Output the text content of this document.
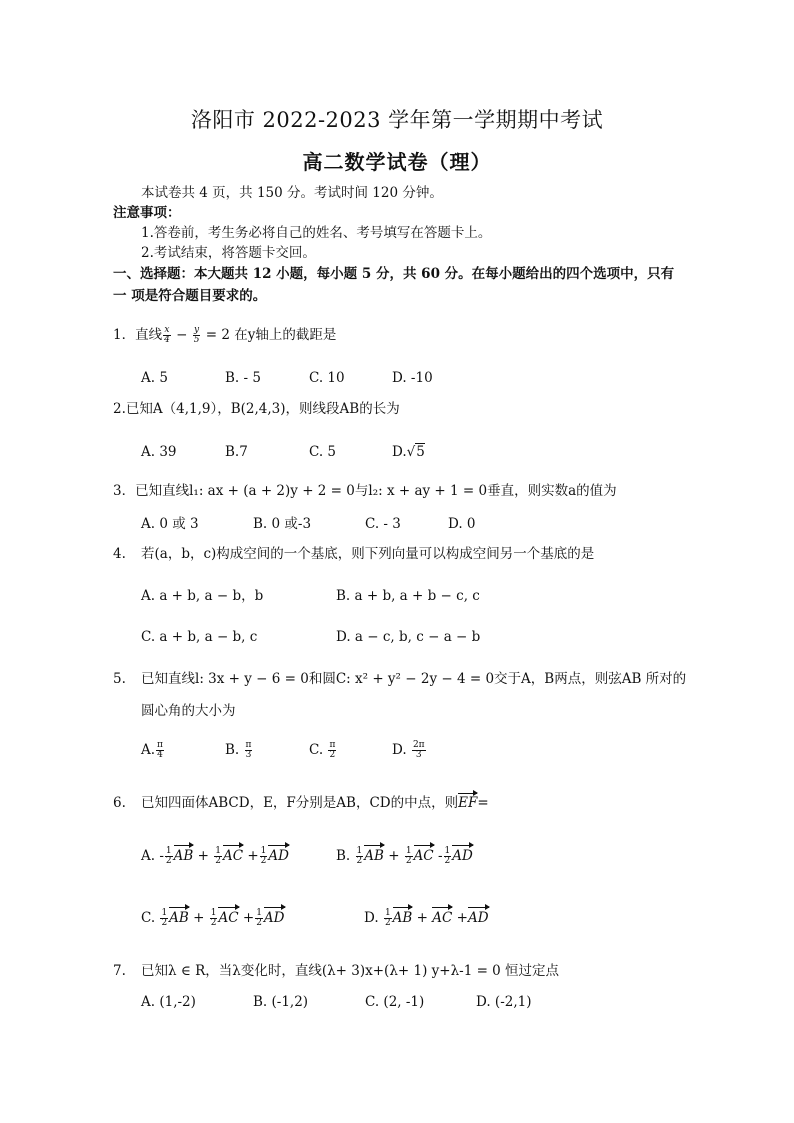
洛阳市 2022-2023 学年第一学期期中考试
高二数学试卷（理）
本试卷共 4 页，共 150 分。考试时间 120 分钟。
注意事项：
1.答卷前，考生务必将自己的姓名、考号填写在答题卡上。
2.考试结束，将答题卡交回。
一、选择题：本大题共 12 小题，每小题 5 分，共 60 分。在每小题给出的四个选项中，只有
一 项是符合题目要求的。
1．直线 $\frac{x}{4} - \frac{y}{5} = 2$ 在y轴上的截距是
A. 5	B. - 5	C. 10	D. -10
2.已知A（4,1,9），B(2,4,3)，则线段AB的长为
A. 39	B.7	C. 5	D.√5
3．已知直线l₁: ax + (a + 2)y + 2 = 0与l₂: x + ay + 1 = 0垂直，则实数a的值为
A. 0 或 3	B. 0 或-3	C. - 3	D. 0
4. 若(a，b，c)构成空间的一个基底，则下列向量可以构成空间另一个基底的是
A. a + b, a − b，b	B. a + b, a + b − c, c
C. a + b, a − b, c	D. a − c, b, c − a − b
5. 已知直线l: 3x + y − 6 = 0和圆C: x² + y² − 2y − 4 = 0交于A，B两点，则弦AB 所对的
圆心角的大小为
A. $\frac{\pi}{4}$	B. $\frac{\pi}{3}$	C. $\frac{\pi}{2}$	D. $\frac{2\pi}{3}$
6. 已知四面体ABCD，E，F分别是AB，CD的中点，则EF=
A. - $\frac{1}{2}$ AB + $\frac{1}{2}$ AC + $\frac{1}{2}$ AD	B. $\frac{1}{2}$ AB + $\frac{1}{2}$ AC - $\frac{1}{2}$ AD
C. $\frac{1}{2}$ AB + $\frac{1}{2}$ AC + $\frac{1}{2}$ AD	D. $\frac{1}{2}$ AB + AC +AD
7. 已知λ ∈ R，当λ变化时，直线(λ+ 3)x+(λ+ 1) y+λ-1 = 0 恒过定点
A. (1,-2)	B. (-1,2)	C. (2, -1)	D. (-2,1)
